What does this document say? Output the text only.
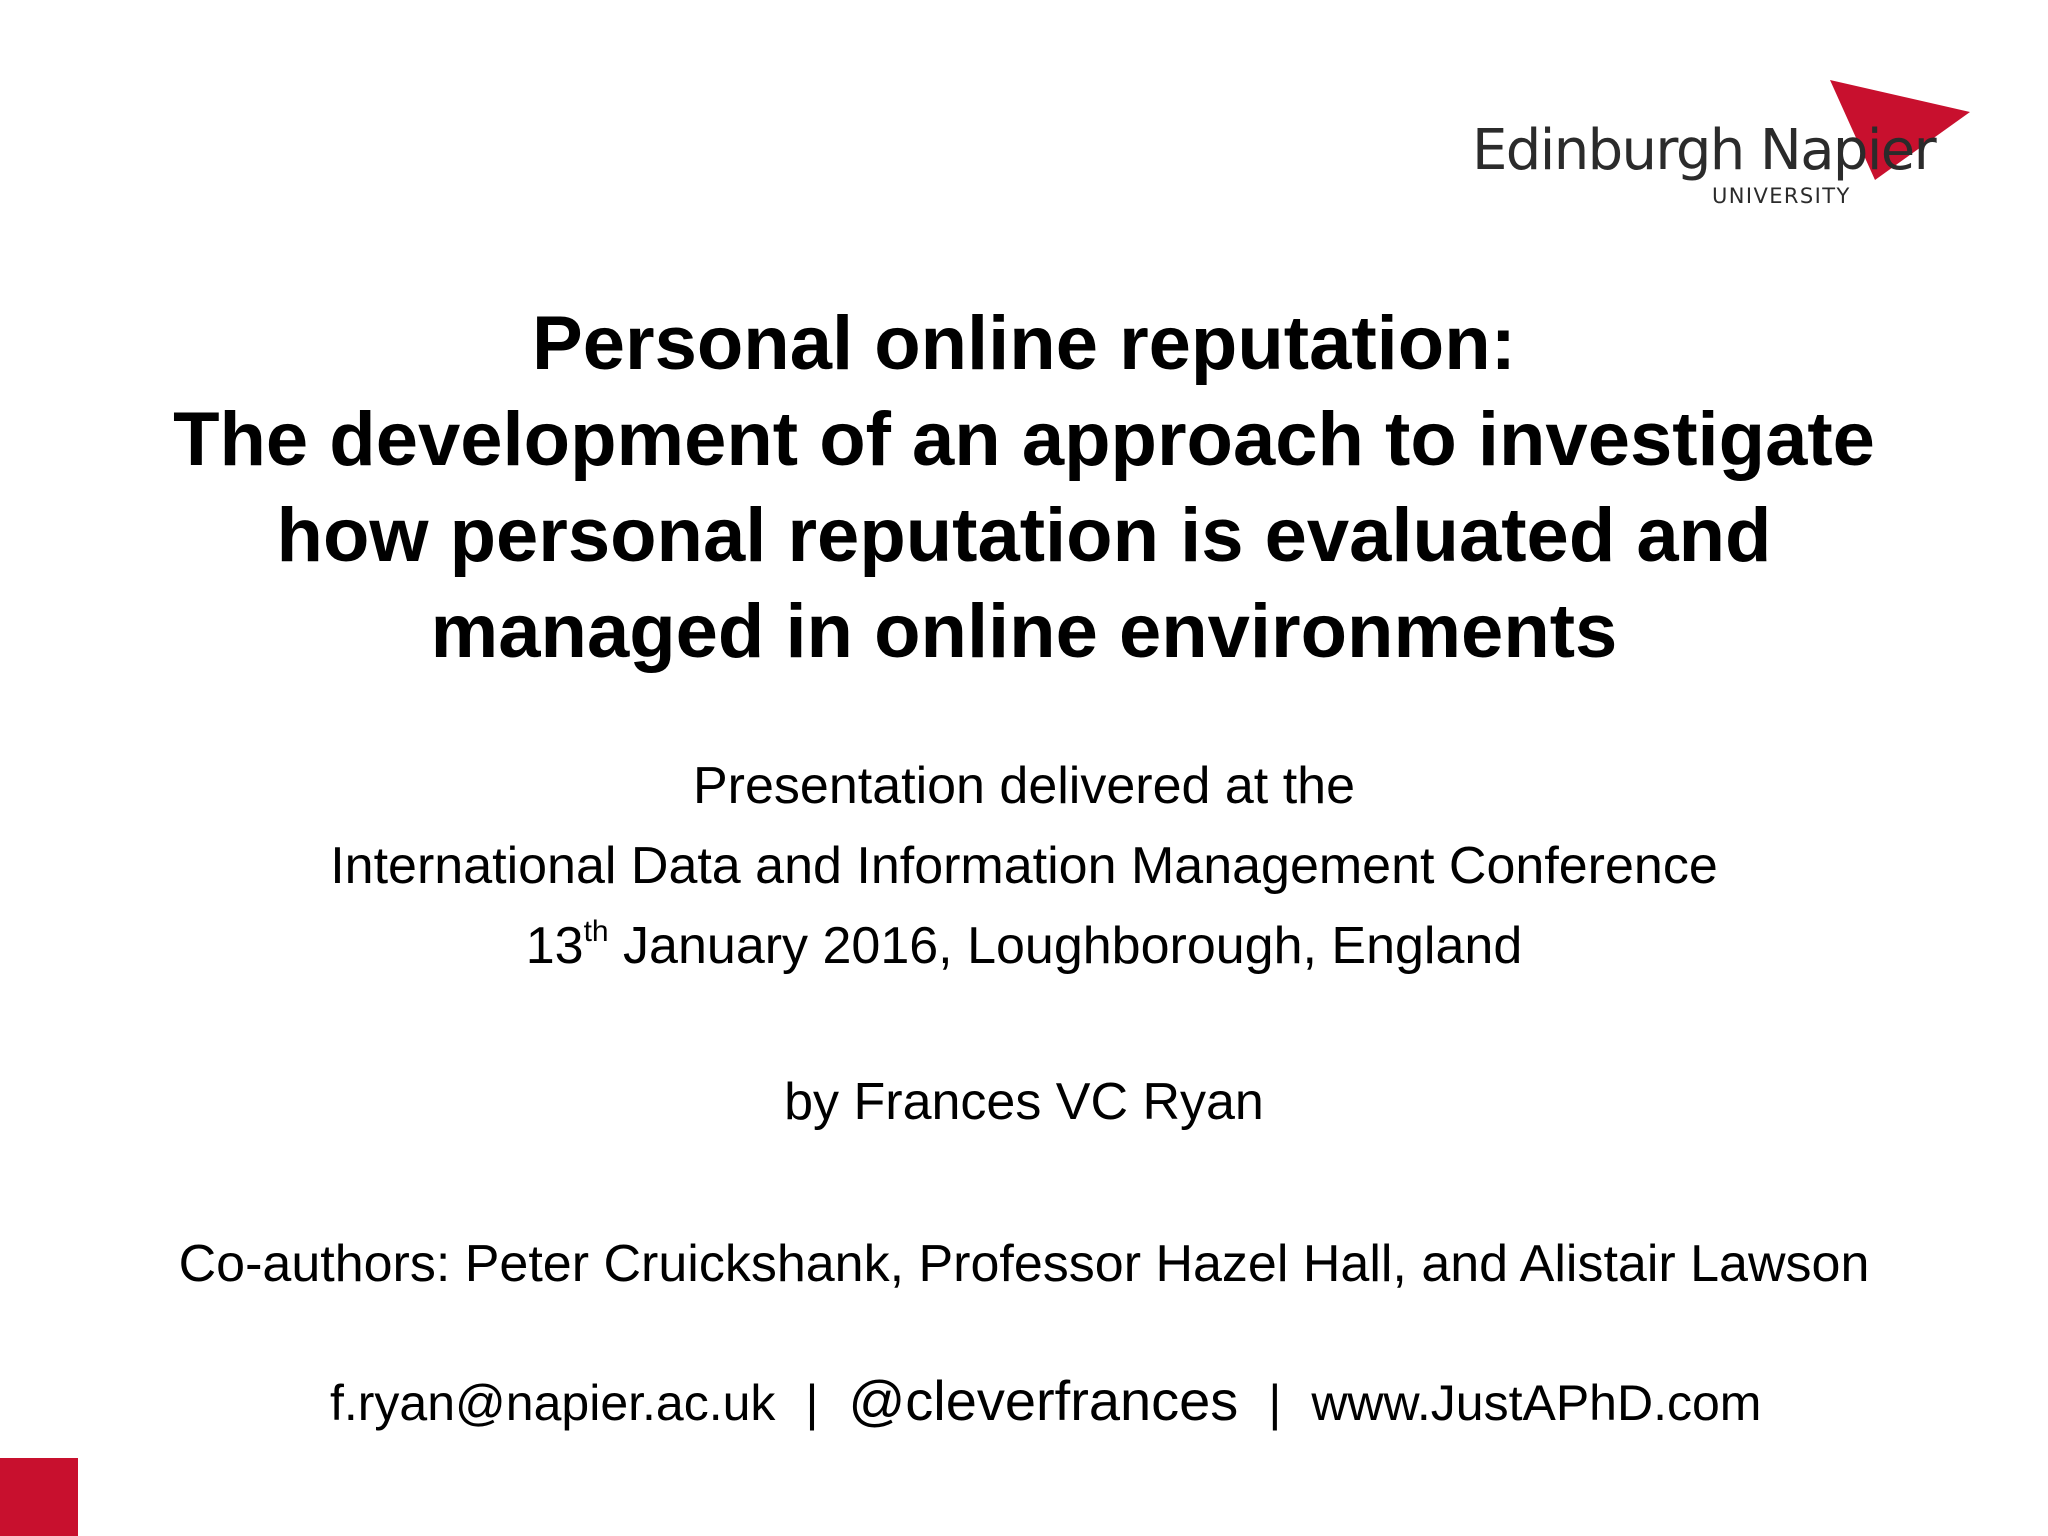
Edinburgh Napier
UNIVERSITY
Personal online reputation:
The development of an approach to investigate
how personal reputation is evaluated and
managed in online environments
Presentation delivered at the
International Data and Information Management Conference
13th January 2016, Loughborough, England
by Frances VC Ryan
Co-authors: Peter Cruickshank, Professor Hazel Hall, and Alistair Lawson
f.ryan@napier.ac.uk | @cleverfrances | www.JustAPhD.com
